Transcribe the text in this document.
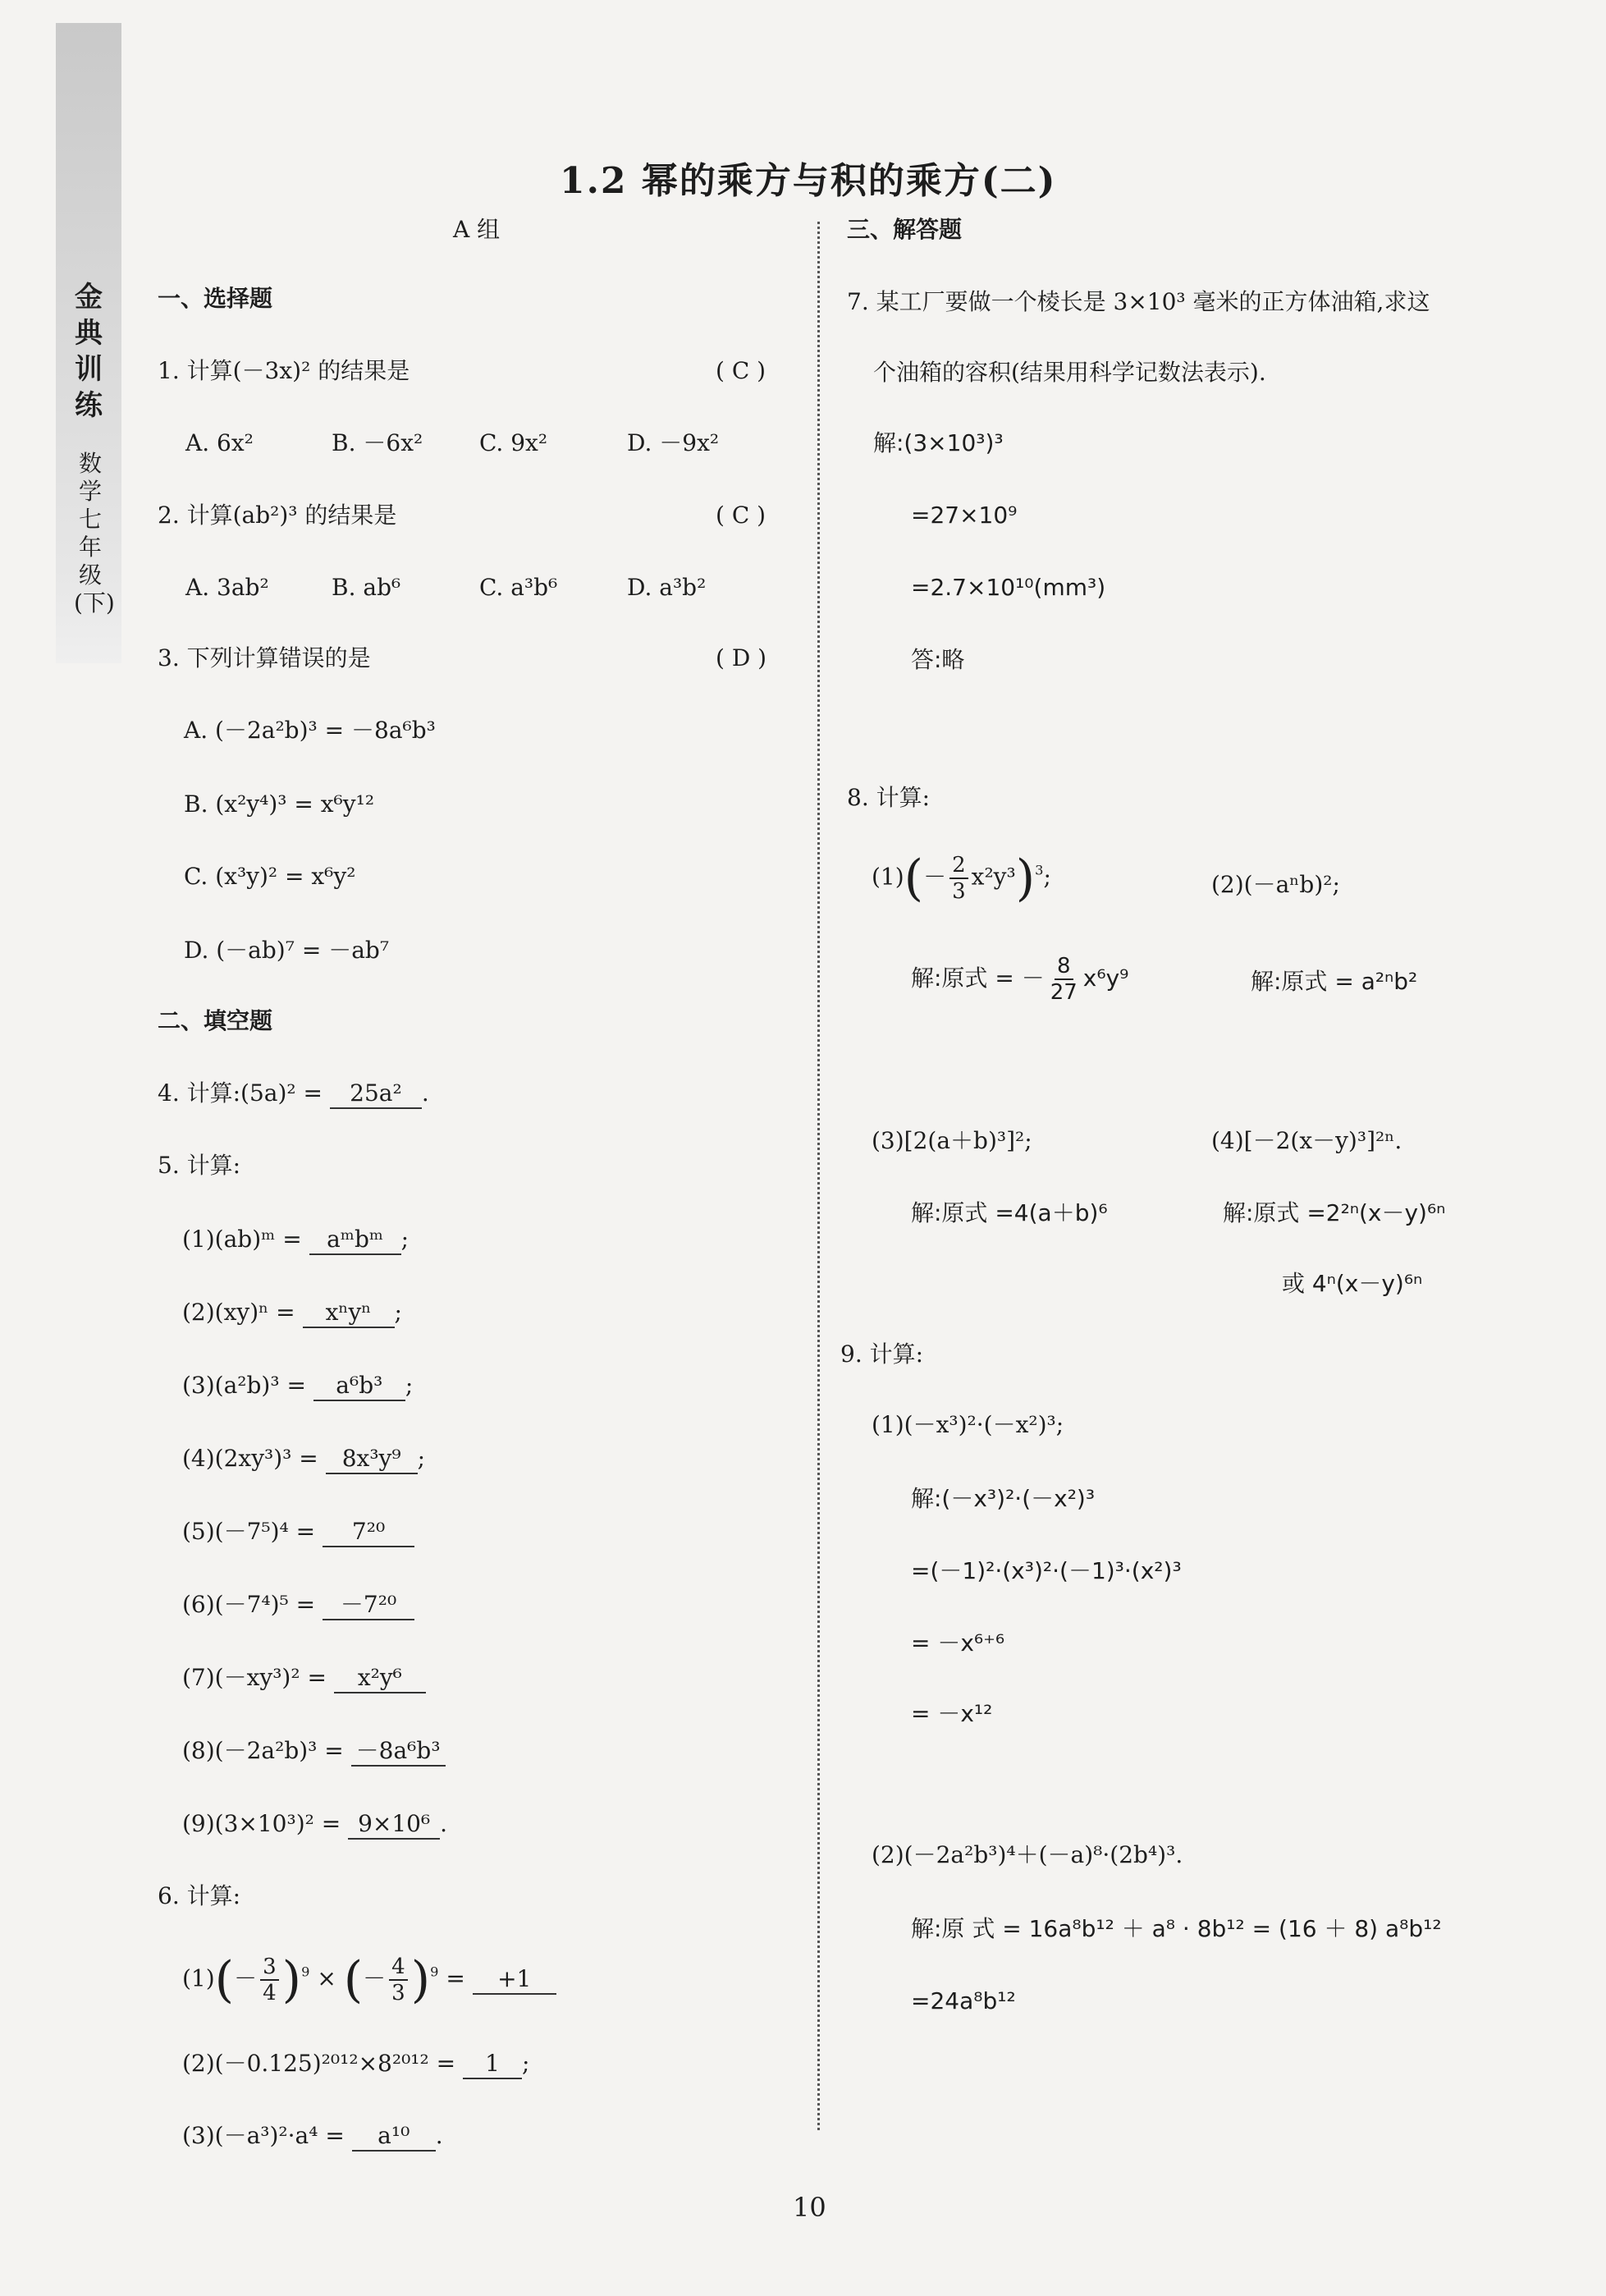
金典训练
数学 七年级(下)
1.2 幂的乘方与积的乘方(二)
A 组
一、选择题
1. 计算(－3x)² 的结果是	( C )
A. 6x²	B. －6x² C. 9x²	D. －9x²
2. 计算(ab²)³ 的结果是	( C )
A. 3ab²	B. ab⁶	C. a³b⁶	D. a³b²
3. 下列计算错误的是	( D )
A. (－2a²b)³ = －8a⁶b³
B. (x²y⁴)³ = x⁶y¹²
C. (x³y)² = x⁶y²
D. (－ab)⁷ = －ab⁷
二、填空题
4. 计算:(5a)² = 25a² .
5. 计算:
(1)(ab)ᵐ = aᵐbᵐ ;
(2)(xy)ⁿ = xⁿyⁿ ;
(3)(a²b)³ = a⁶b³ ;
(4)(2xy³)³ = 8x³y⁹ ;
(5)(－7⁵)⁴ = 7²⁰
(6)(－7⁴)⁵ = －7²⁰
(7)(－xy³)² = x²y⁶
(8)(－2a²b)³ = －8a⁶b³
(9)(3×10³)² = 9×10⁶ .
6. 计算:
$(1)(- \frac{3}{4} )^9$ × (－ $\frac{4}{3} )^9 = +1$
(2)(－0.125)²⁰¹²×8²⁰¹² = 1 ;
(3)(－a³)²·a⁴ = a¹⁰ .
三、解答题
7. 某工厂要做一个棱长是 3×10³ 毫米的正方体油箱,求这
个油箱的容积(结果用科学记数法表示).
解:(3×10³)³
=27×10⁹
=2.7×10¹⁰(mm³)
答:略
8. 计算:
$(1)(- \frac{2}{3} x^2y^3)^3$;	(2)(－aⁿb)²;
解:原式 = － $\frac{8}{27} x^6y^9$	解:原式 = a²ⁿb²
(3)[2(a＋b)³]²;	(4)[－2(x－y)³]²ⁿ.
解:原式 =4(a＋b)⁶	解:原式 =2²ⁿ(x－y)⁶ⁿ
或 4ⁿ(x－y)⁶ⁿ
9. 计算:
(1)(－x³)²·(－x²)³;
解:(－x³)²·(－x²)³
=(－1)²·(x³)²·(－1)³·(x²)³
= －x⁶⁺⁶
= －x¹²
(2)(－2a²b³)⁴＋(－a)⁸·(2b⁴)³.
解:原 式 = 16a⁸b¹² ＋ a⁸ · 8b¹² = (16 ＋ 8) a⁸b¹²
=24a⁸b¹²
10
